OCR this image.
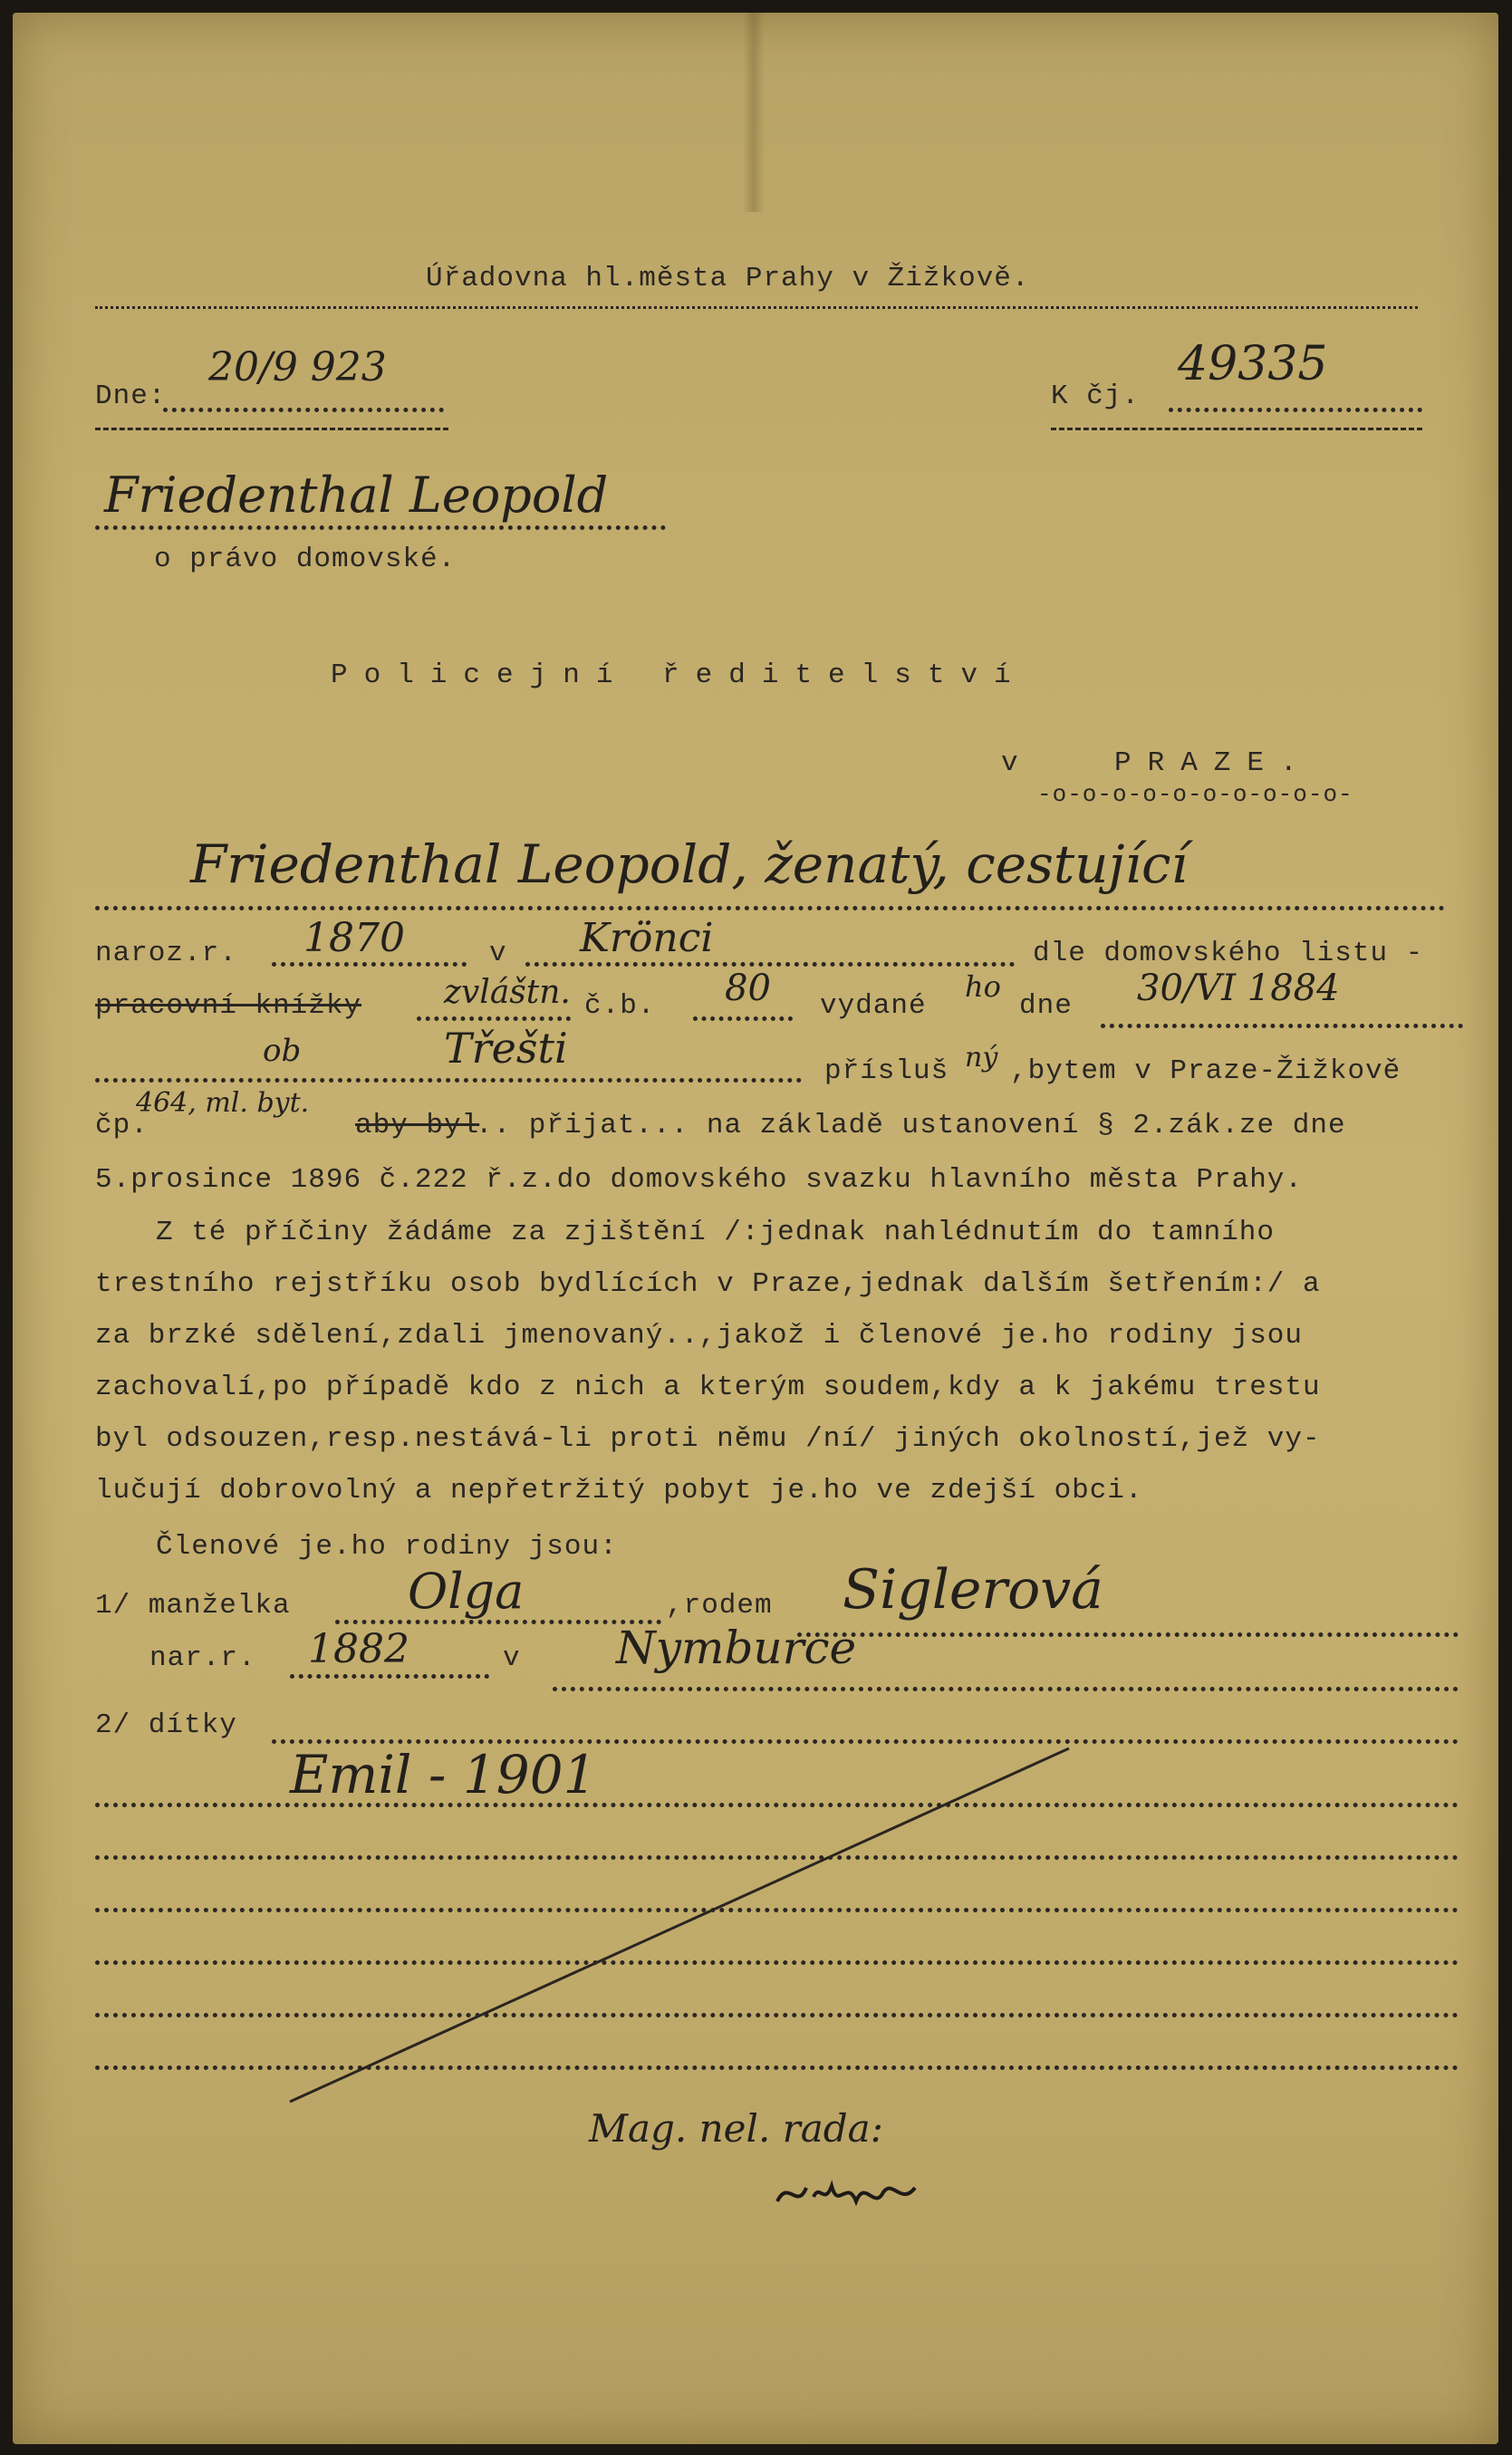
Úřadovna hl.města Prahy v Žižkově.
Dne:
20/9 923
K čj.
49335
Friedenthal Leopold
o právo domovské.
Policejní ředitelství
v	PRAZE.
-o-o-o-o-o-o-o-o-o-o-
Friedenthal Leopold, ženatý, cestující
naroz.r. 1870	v Krönci	dle domovského listu -
pracovní knížky	zvláštn. č.b. 80 vydané
ho
dne 30/VI 1884
ob	Třešti	přísluš ný ,bytem v Praze-Žižkově
čp.
464, ml. byt.
aby byl
.. přijat... na základě ustanovení § 2.zák.ze dne
5.prosince 1896 č.222 ř.z.do domovského svazku hlavního města Prahy.
Z té příčiny žádáme za zjištění /:jednak nahlédnutím do tamního
trestního rejstříku osob bydlících v Praze,jednak dalším šetřením:/ a
za brzké sdělení,zdali jmenovaný..,jakož i členové je.ho rodiny jsou
zachovalí,po případě kdo z nich a kterým soudem,kdy a k jakému trestu
byl odsouzen,resp.nestává-li proti němu /ní/ jiných okolností,jež vy-
lučují dobrovolný a nepřetržitý pobyt je.ho ve zdejší obci.
Členové je.ho rodiny jsou:
1/ manželka Olga	,rodem Siglerová
nar.r. 1882	v Nymburce
2/ dítky
Emil - 1901
Mag. nel. rada:
